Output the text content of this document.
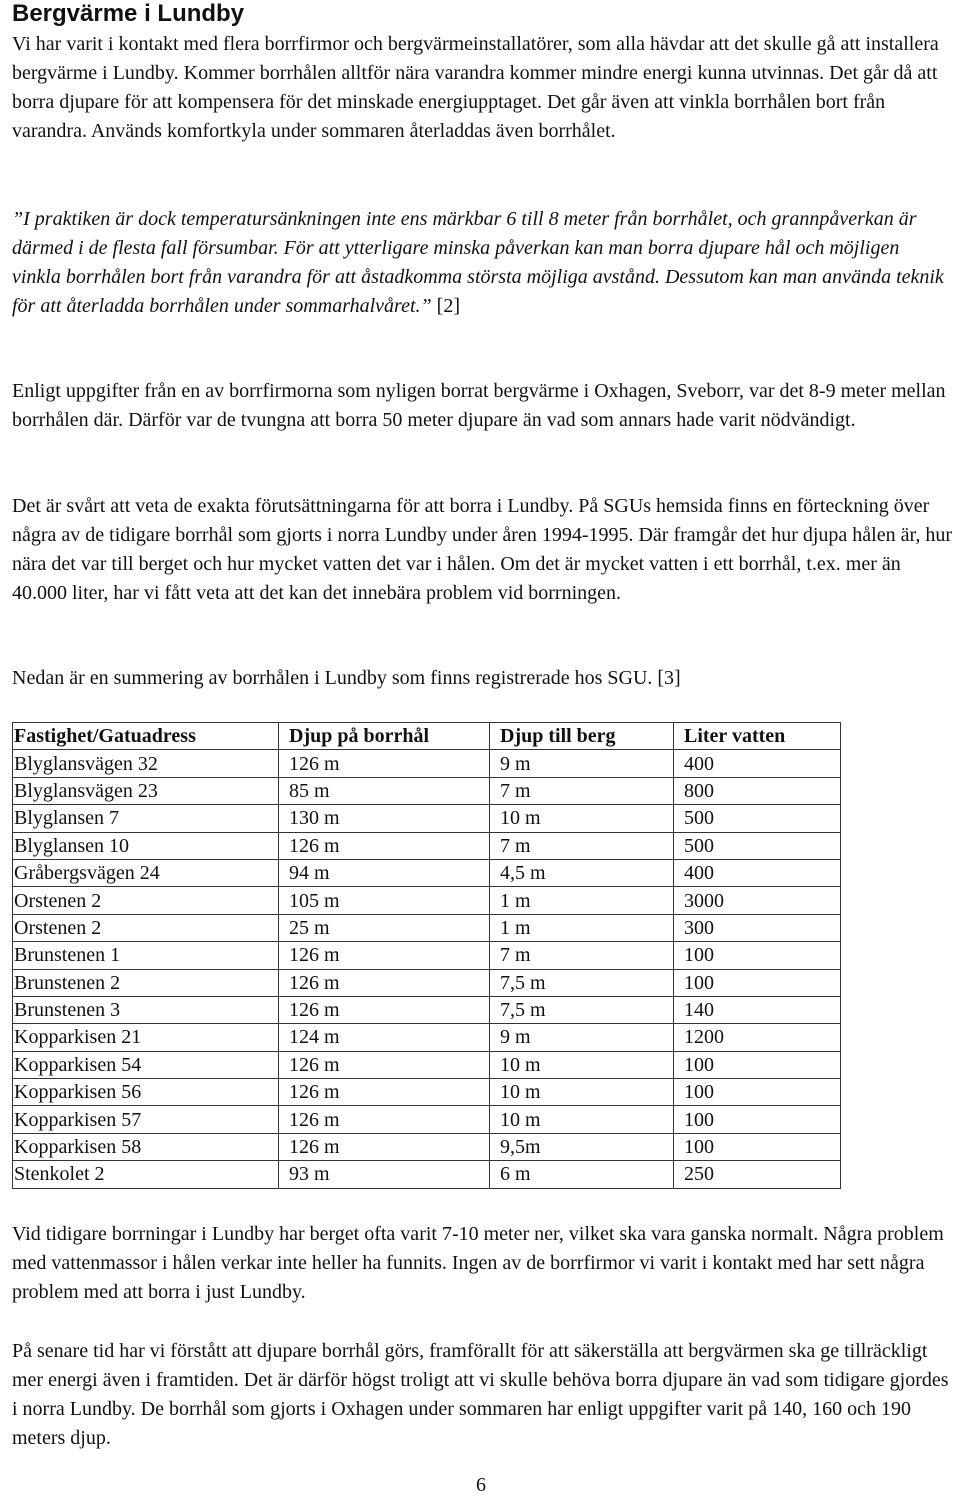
Bergvärme i Lundby

Vi har varit i kontakt med flera borrfirmor och bergvärmeinstallatörer, som alla hävdar att det skulle gå att installera bergvärme i Lundby. Kommer borrhålen alltför nära varandra kommer mindre energi kunna utvinnas. Det går då att borra djupare för att kompensera för det minskade energiupptaget. Det går även att vinkla borrhålen bort från varandra. Används komfortkyla under sommaren återladdas även borrhålet.

”I praktiken är dock temperatursänkningen inte ens märkbar 6 till 8 meter från borrhålet, och grannpåverkan är därmed i de flesta fall försumbar. För att ytterligare minska påverkan kan man borra djupare hål och möjligen vinkla borrhålen bort från varandra för att åstadkomma största möjliga avstånd. Dessutom kan man använda teknik för att återladda borrhålen under sommarhalvåret.” [2]

Enligt uppgifter från en av borrfirmorna som nyligen borrat bergvärme i Oxhagen, Sveborr, var det 8-9 meter mellan borrhålen där. Därför var de tvungna att borra 50 meter djupare än vad som annars hade varit nödvändigt.

Det är svårt att veta de exakta förutsättningarna för att borra i Lundby. På SGUs hemsida finns en förteckning över några av de tidigare borrhål som gjorts i norra Lundby under åren 1994-1995. Där framgår det hur djupa hålen är, hur nära det var till berget och hur mycket vatten det var i hålen. Om det är mycket vatten i ett borrhål, t.ex. mer än 40.000 liter, har vi fått veta att det kan det innebära problem vid borrningen.

Nedan är en summering av borrhålen i Lundby som finns registrerade hos SGU. [3]

Fastighet/Gatuadress	Djup på borrhål	Djup till berg	Liter vatten
Blyglansvägen 32	126 m	9 m	400
Blyglansvägen 23	85 m	7 m	800
Blyglansen 7	130 m	10 m	500
Blyglansen 10	126 m	7 m	500
Gråbergsvägen 24	94 m	4,5 m	400
Orstenen 2	105 m	1 m	3000
Orstenen 2	25 m	1 m	300
Brunstenen 1	126 m	7 m	100
Brunstenen 2	126 m	7,5 m	100
Brunstenen 3	126 m	7,5 m	140
Kopparkisen 21	124 m	9 m	1200
Kopparkisen 54	126 m	10 m	100
Kopparkisen 56	126 m	10 m	100
Kopparkisen 57	126 m	10 m	100
Kopparkisen 58	126 m	9,5m	100
Stenkolet 2	93 m	6 m	250

Vid tidigare borrningar i Lundby har berget ofta varit 7-10 meter ner, vilket ska vara ganska normalt. Några problem med vattenmassor i hålen verkar inte heller ha funnits. Ingen av de borrfirmor vi varit i kontakt med har sett några problem med att borra i just Lundby.

På senare tid har vi förstått att djupare borrhål görs, framförallt för att säkerställa att bergvärmen ska ge tillräckligt mer energi även i framtiden. Det är därför högst troligt att vi skulle behöva borra djupare än vad som tidigare gjordes i norra Lundby. De borrhål som gjorts i Oxhagen under sommaren har enligt uppgifter varit på 140, 160 och 190 meters djup.

6
